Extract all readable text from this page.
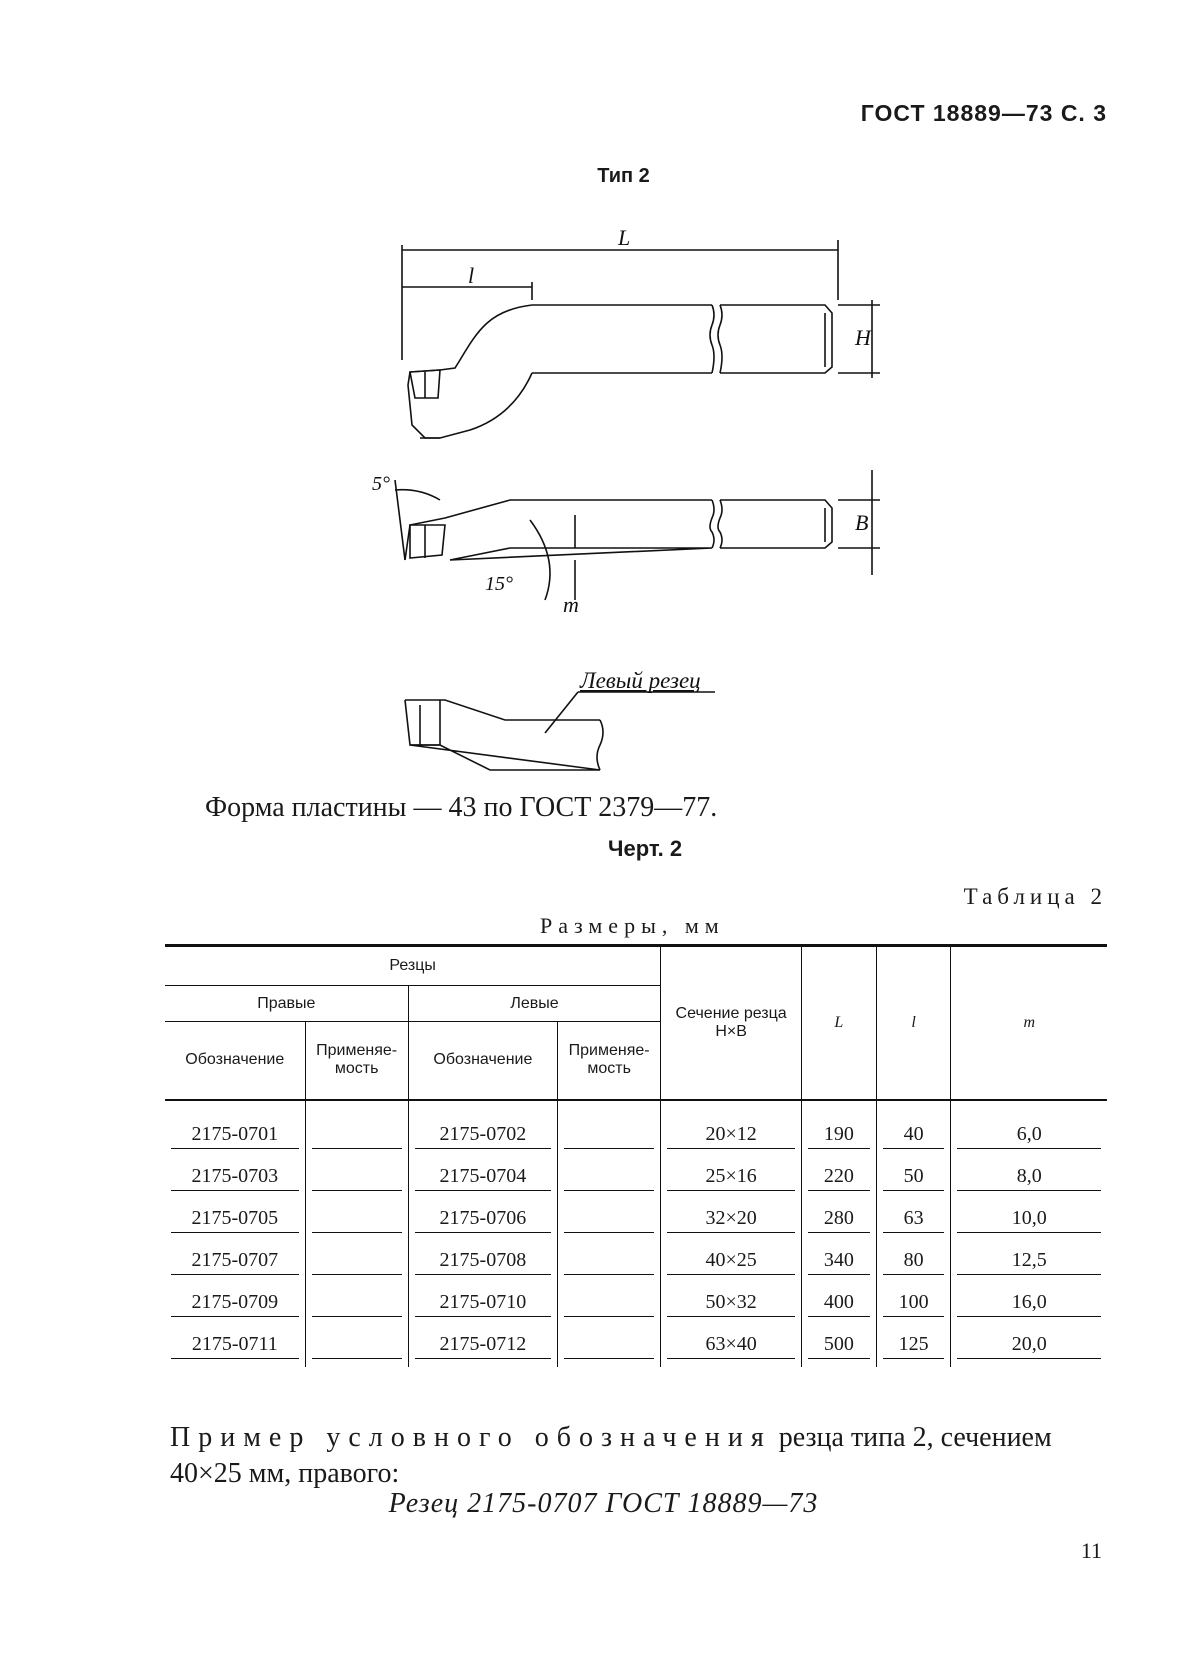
ГОСТ 18889—73 С. 3
Тип 2
L
l
H
B
m
5°
15°
Левый резец
Форма пластины — 43 по ГОСТ 2379—77.
Черт. 2
Таблица 2
Размеры, мм
Резцы				Сечение резца H×B	L	l	m
Правые		Левые					
Обозначение	Применяе- мость	Обозначение	Применяе- мость				

2175-0701		2175-0702		20×12	190	40	6,0

2175-0703		2175-0704		25×16	220	50	8,0

2175-0705		2175-0706		32×20	280	63	10,0

2175-0707		2175-0708		40×25	340	80	12,5

2175-0709		2175-0710		50×32	400	100	16,0

2175-0711		2175-0712		63×40	500	125	20,0
Пример условного обозначения резца типа 2, сечением 40×25 мм, правого:
Резец 2175-0707 ГОСТ 18889—73
11
